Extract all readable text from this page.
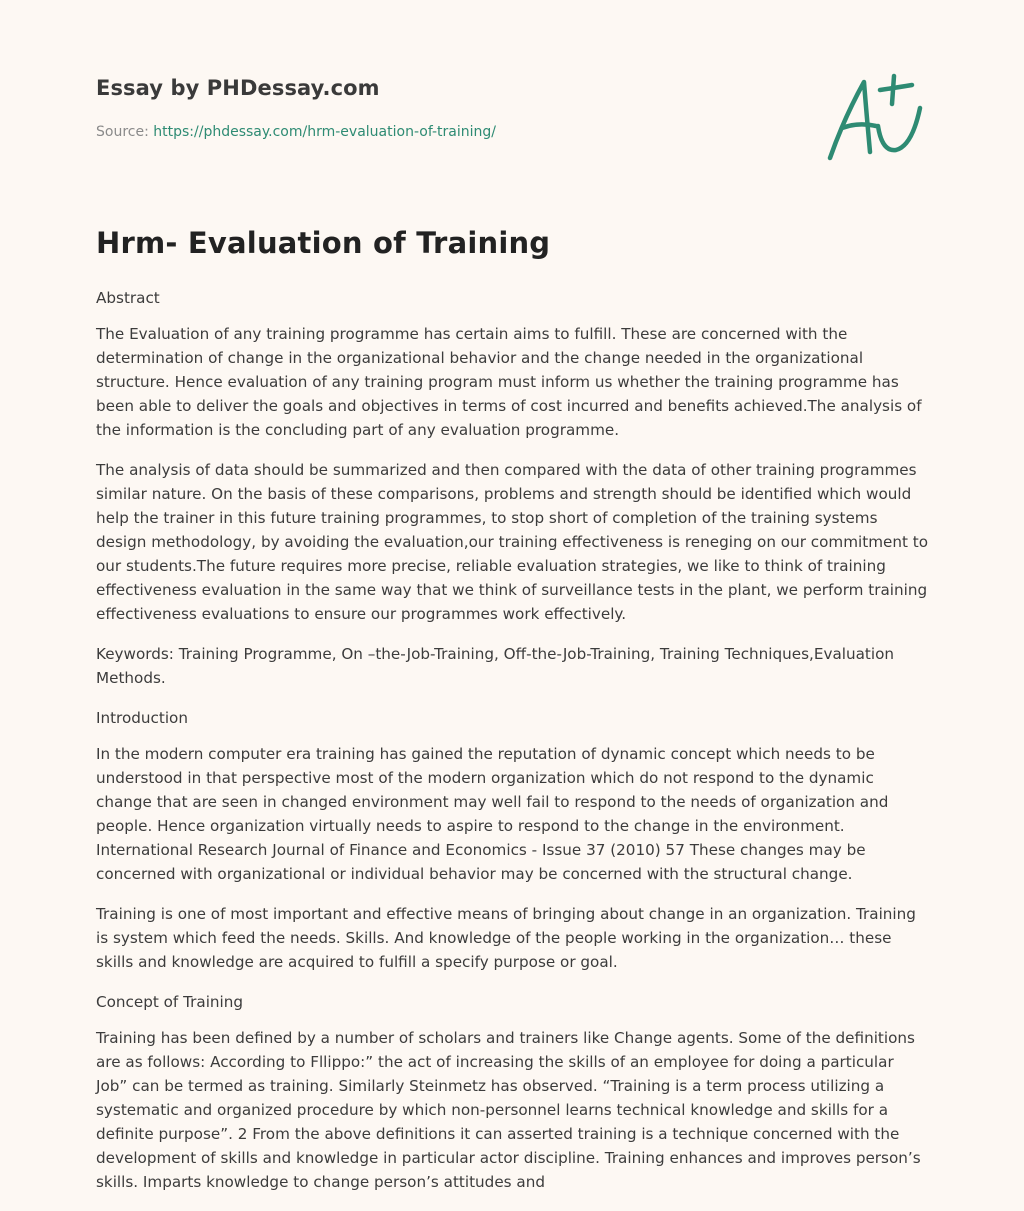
Essay by PHDessay.com
Source: https://phdessay.com/hrm-evaluation-of-training/
Hrm- Evaluation of Training

Abstract

The Evaluation of any training programme has certain aims to fulfill. These are concerned with the determination of change in the organizational behavior and the change needed in the organizational structure. Hence evaluation of any training program must inform us whether the training programme has been able to deliver the goals and objectives in terms of cost incurred and benefits achieved.The analysis of the information is the concluding part of any evaluation programme.

The analysis of data should be summarized and then compared with the data of other training programmes similar nature. On the basis of these comparisons, problems and strength should be identified which would help the trainer in this future training programmes, to stop short of completion of the training systems design methodology, by avoiding the evaluation,our training effectiveness is reneging on our commitment to our students.The future requires more precise, reliable evaluation strategies, we like to think of training effectiveness evaluation in the same way that we think of surveillance tests in the plant, we perform training effectiveness evaluations to ensure our programmes work effectively.

Keywords: Training Programme, On –the-Job-Training, Off-the-Job-Training, Training Techniques,Evaluation Methods.

Introduction

In the modern computer era training has gained the reputation of dynamic concept which needs to be understood in that perspective most of the modern organization which do not respond to the dynamic change that are seen in changed environment may well fail to respond to the needs of organization and people. Hence organization virtually needs to aspire to respond to the change in the environment. International Research Journal of Finance and Economics - Issue 37 (2010) 57 These changes may be concerned with organizational or individual behavior may be concerned with the structural change.

Training is one of most important and effective means of bringing about change in an organization. Training is system which feed the needs. Skills. And knowledge of the people working in the organization… these skills and knowledge are acquired to fulfill a specify purpose or goal.

Concept of Training

Training has been defined by a number of scholars and trainers like Change agents. Some of the definitions are as follows: According to Fllippo:” the act of increasing the skills of an employee for doing a particular Job” can be termed as training. Similarly Steinmetz has observed. “Training is a term process utilizing a systematic and organized procedure by which non-personnel learns technical knowledge and skills for a definite purpose”. 2 From the above definitions it can asserted training is a technique concerned with the development of skills and knowledge in particular actor discipline. Training enhances and improves person’s skills. Imparts knowledge to change person’s attitudes and
